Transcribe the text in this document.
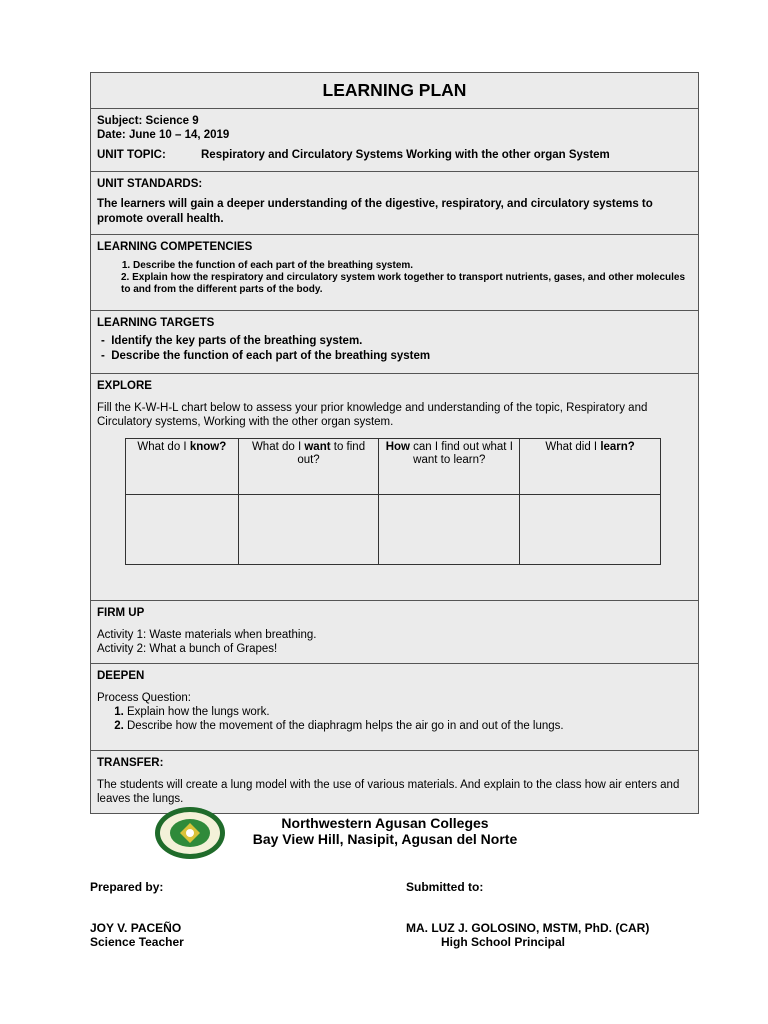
LEARNING PLAN
Subject: Science 9
Date: June 10 – 14, 2019
UNIT TOPIC:	Respiratory and Circulatory Systems Working with the other organ System
UNIT STANDARDS:
The learners will gain a deeper understanding of the digestive, respiratory, and circulatory systems to promote overall health.
LEARNING COMPETENCIES
1. Describe the function of each part of the breathing system.
2. Explain how the respiratory and circulatory system work together to transport nutrients, gases, and other molecules to and from the different parts of the body.
LEARNING TARGETS
-  Identify the key parts of the breathing system.
-  Describe the function of each part of the breathing system
EXPLORE
Fill the K-W-H-L chart below to assess your prior knowledge and understanding of the topic, Respiratory and Circulatory systems, Working with the other organ system.
What do I know?	What do I want to find out?	How can I find out what I want to learn?	What did I learn?

FIRM UP
Activity 1: Waste materials when breathing.
Activity 2: What a bunch of Grapes!
DEEPEN
Process Question:
1. Explain how the lungs work.
2. Describe how the movement of the diaphragm helps the air go in and out of the lungs.
TRANSFER:
The students will create a lung model with the use of various materials. And explain to the class how air enters and leaves the lungs.
Northwestern Agusan Colleges
Bay View Hill, Nasipit, Agusan del Norte
Prepared by:	Submitted to:
JOY V. PACEÑO
Science Teacher
MA. LUZ J. GOLOSINO, MSTM, PhD. (CAR)
High School Principal
